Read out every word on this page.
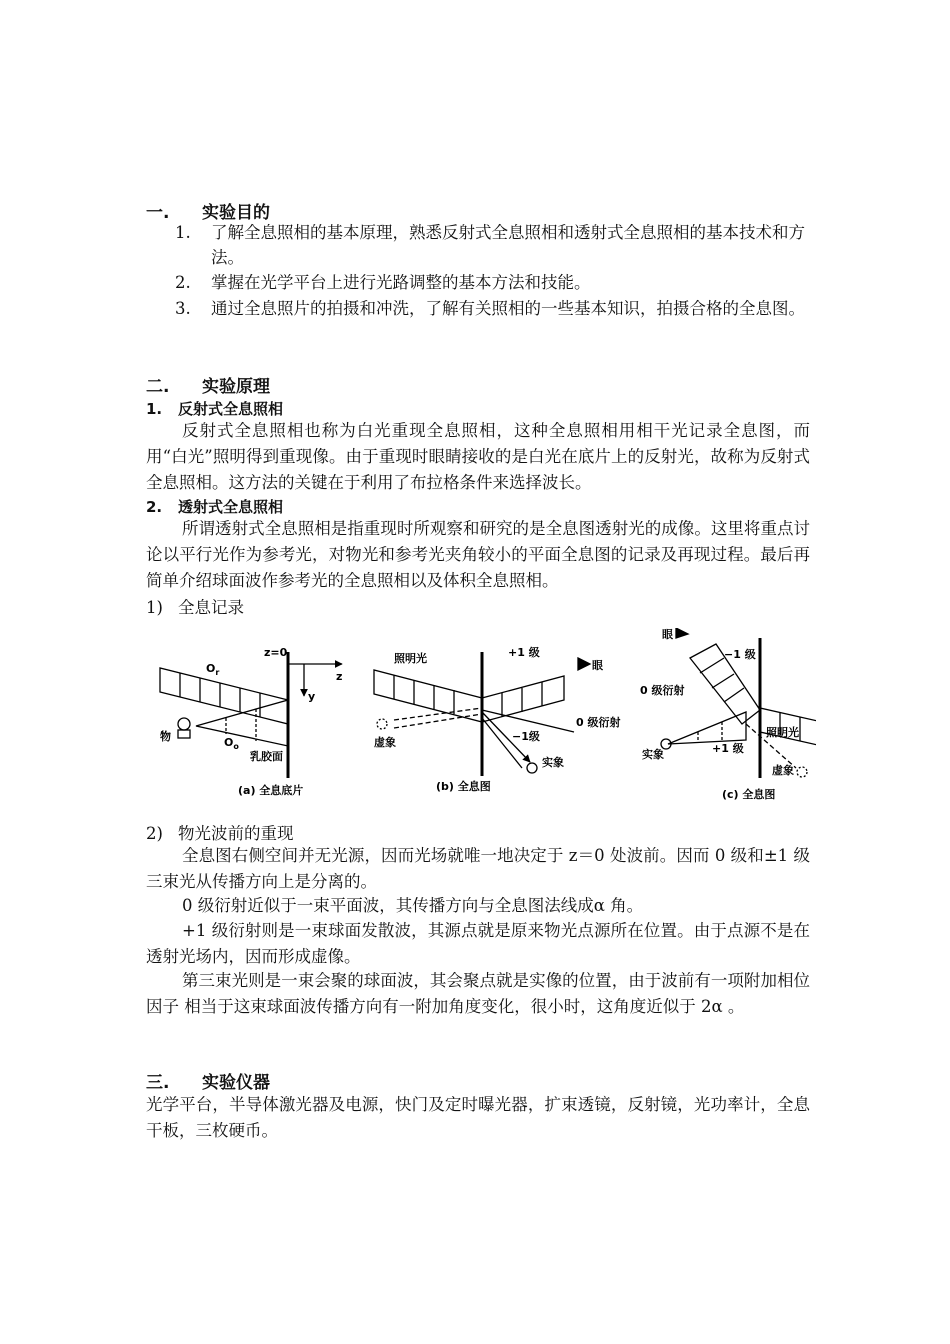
一. 实验目的
1. 了解全息照相的基本原理，熟悉反射式全息照相和透射式全息照相的基本技术和方法。
2. 掌握在光学平台上进行光路调整的基本方法和技能。
3. 通过全息照片的拍摄和冲洗，了解有关照相的一些基本知识，拍摄合格的全息图。
二. 实验原理
1. 反射式全息照相
反射式全息照相也称为白光重现全息照相，这种全息照相用相干光记录全息图，而用“白光”照明得到重现像。由于重现时眼睛接收的是白光在底片上的反射光，故称为反射式全息照相。这方法的关键在于利用了布拉格条件来选择波长。
2. 透射式全息照相
所谓透射式全息照相是指重现时所观察和研究的是全息图透射光的成像。这里将重点讨论以平行光作为参考光，对物光和参考光夹角较小的平面全息图的记录及再现过程。最后再简单介绍球面波作参考光的全息照相以及体积全息照相。
1) 全息记录
z=0
z
y
$O_r$
$O_o$
物
乳胶面
(a) 全息底片
照明光	+1 级
眼
虚象
0 级衍射
−1级
实象
(b) 全息图
眼
−1 级
0 级衍射
实象	+1 级
照明光
虚象
(c) 全息图
2) 物光波前的重现
全息图右侧空间并无光源，因而光场就唯一地决定于 z＝0 处波前。因而 0 级和±1 级三束光从传播方向上是分离的。
0 级衍射近似于一束平面波，其传播方向与全息图法线成α 角。
+1 级衍射则是一束球面发散波，其源点就是原来物光点源所在位置。由于点源不是在透射光场内，因而形成虚像。
第三束光则是一束会聚的球面波，其会聚点就是实像的位置，由于波前有一项附加相位因子 相当于这束球面波传播方向有一附加角度变化，很小时，这角度近似于 2α 。
三. 实验仪器
光学平台，半导体激光器及电源，快门及定时曝光器，扩束透镜，反射镜，光功率计，全息干板，三枚硬币。
